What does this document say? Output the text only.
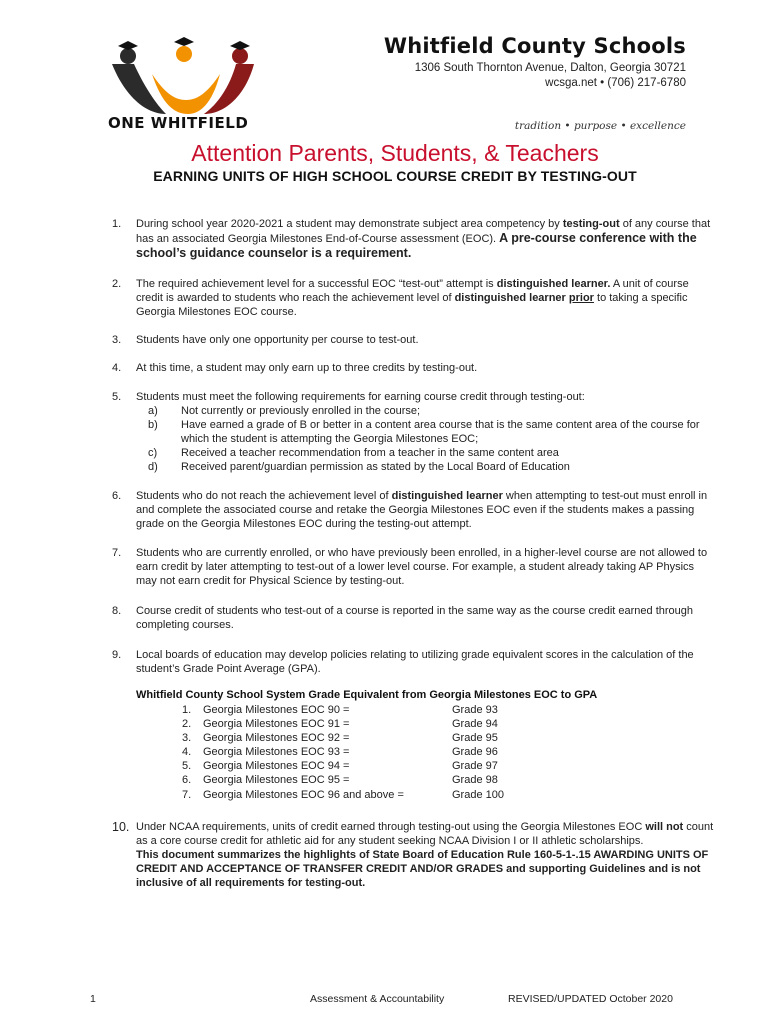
ONE WHITFIELD
Whitfield County Schools
1306 South Thornton Avenue, Dalton, Georgia 30721
wcsga.net • (706) 217-6780
tradition • purpose • excellence
Attention Parents, Students, & Teachers
EARNING UNITS OF HIGH SCHOOL COURSE CREDIT BY TESTING-OUT
1. During school year 2020-2021 a student may demonstrate subject area competency by testing-out of any course that has an associated Georgia Milestones End-of-Course assessment (EOC). A pre-course conference with the school’s guidance counselor is a requirement.
2. The required achievement level for a successful EOC “test-out” attempt is distinguished learner. A unit of course credit is awarded to students who reach the achievement level of distinguished learner prior to taking a specific Georgia Milestones EOC course.
3. Students have only one opportunity per course to test-out.
4. At this time, a student may only earn up to three credits by testing-out.
5. Students must meet the following requirements for earning course credit through testing-out:
a) Not currently or previously enrolled in the course;
b) Have earned a grade of B or better in a content area course that is the same content area of the course for which the student is attempting the Georgia Milestones EOC;
c) Received a teacher recommendation from a teacher in the same content area
d) Received parent/guardian permission as stated by the Local Board of Education
6. Students who do not reach the achievement level of distinguished learner when attempting to test-out must enroll in and complete the associated course and retake the Georgia Milestones EOC even if the students makes a passing grade on the Georgia Milestones EOC during the testing-out attempt.
7. Students who are currently enrolled, or who have previously been enrolled, in a higher-level course are not allowed to earn credit by later attempting to test-out of a lower level course. For example, a student already taking AP Physics may not earn credit for Physical Science by testing-out.
8. Course credit of students who test-out of a course is reported in the same way as the course credit earned through completing courses.
9. Local boards of education may develop policies relating to utilizing grade equivalent scores in the calculation of the student’s Grade Point Average (GPA).
Whitfield County School System Grade Equivalent from Georgia Milestones EOC to GPA
1. Georgia Milestones EOC 90 =	Grade 93
2. Georgia Milestones EOC 91 =	Grade 94
3. Georgia Milestones EOC 92 =	Grade 95
4. Georgia Milestones EOC 93 =	Grade 96
5. Georgia Milestones EOC 94 =	Grade 97
6. Georgia Milestones EOC 95 =	Grade 98
7. Georgia Milestones EOC 96 and above =	Grade 100
10. Under NCAA requirements, units of credit earned through testing-out using the Georgia Milestones EOC will not count as a core course credit for athletic aid for any student seeking NCAA Division I or II athletic scholarships.
This document summarizes the highlights of State Board of Education Rule 160-5-1-.15 AWARDING UNITS OF CREDIT AND ACCEPTANCE OF TRANSFER CREDIT AND/OR GRADES and supporting Guidelines and is not inclusive of all requirements for testing-out.
1	Assessment & Accountability	REVISED/UPDATED October 2020
